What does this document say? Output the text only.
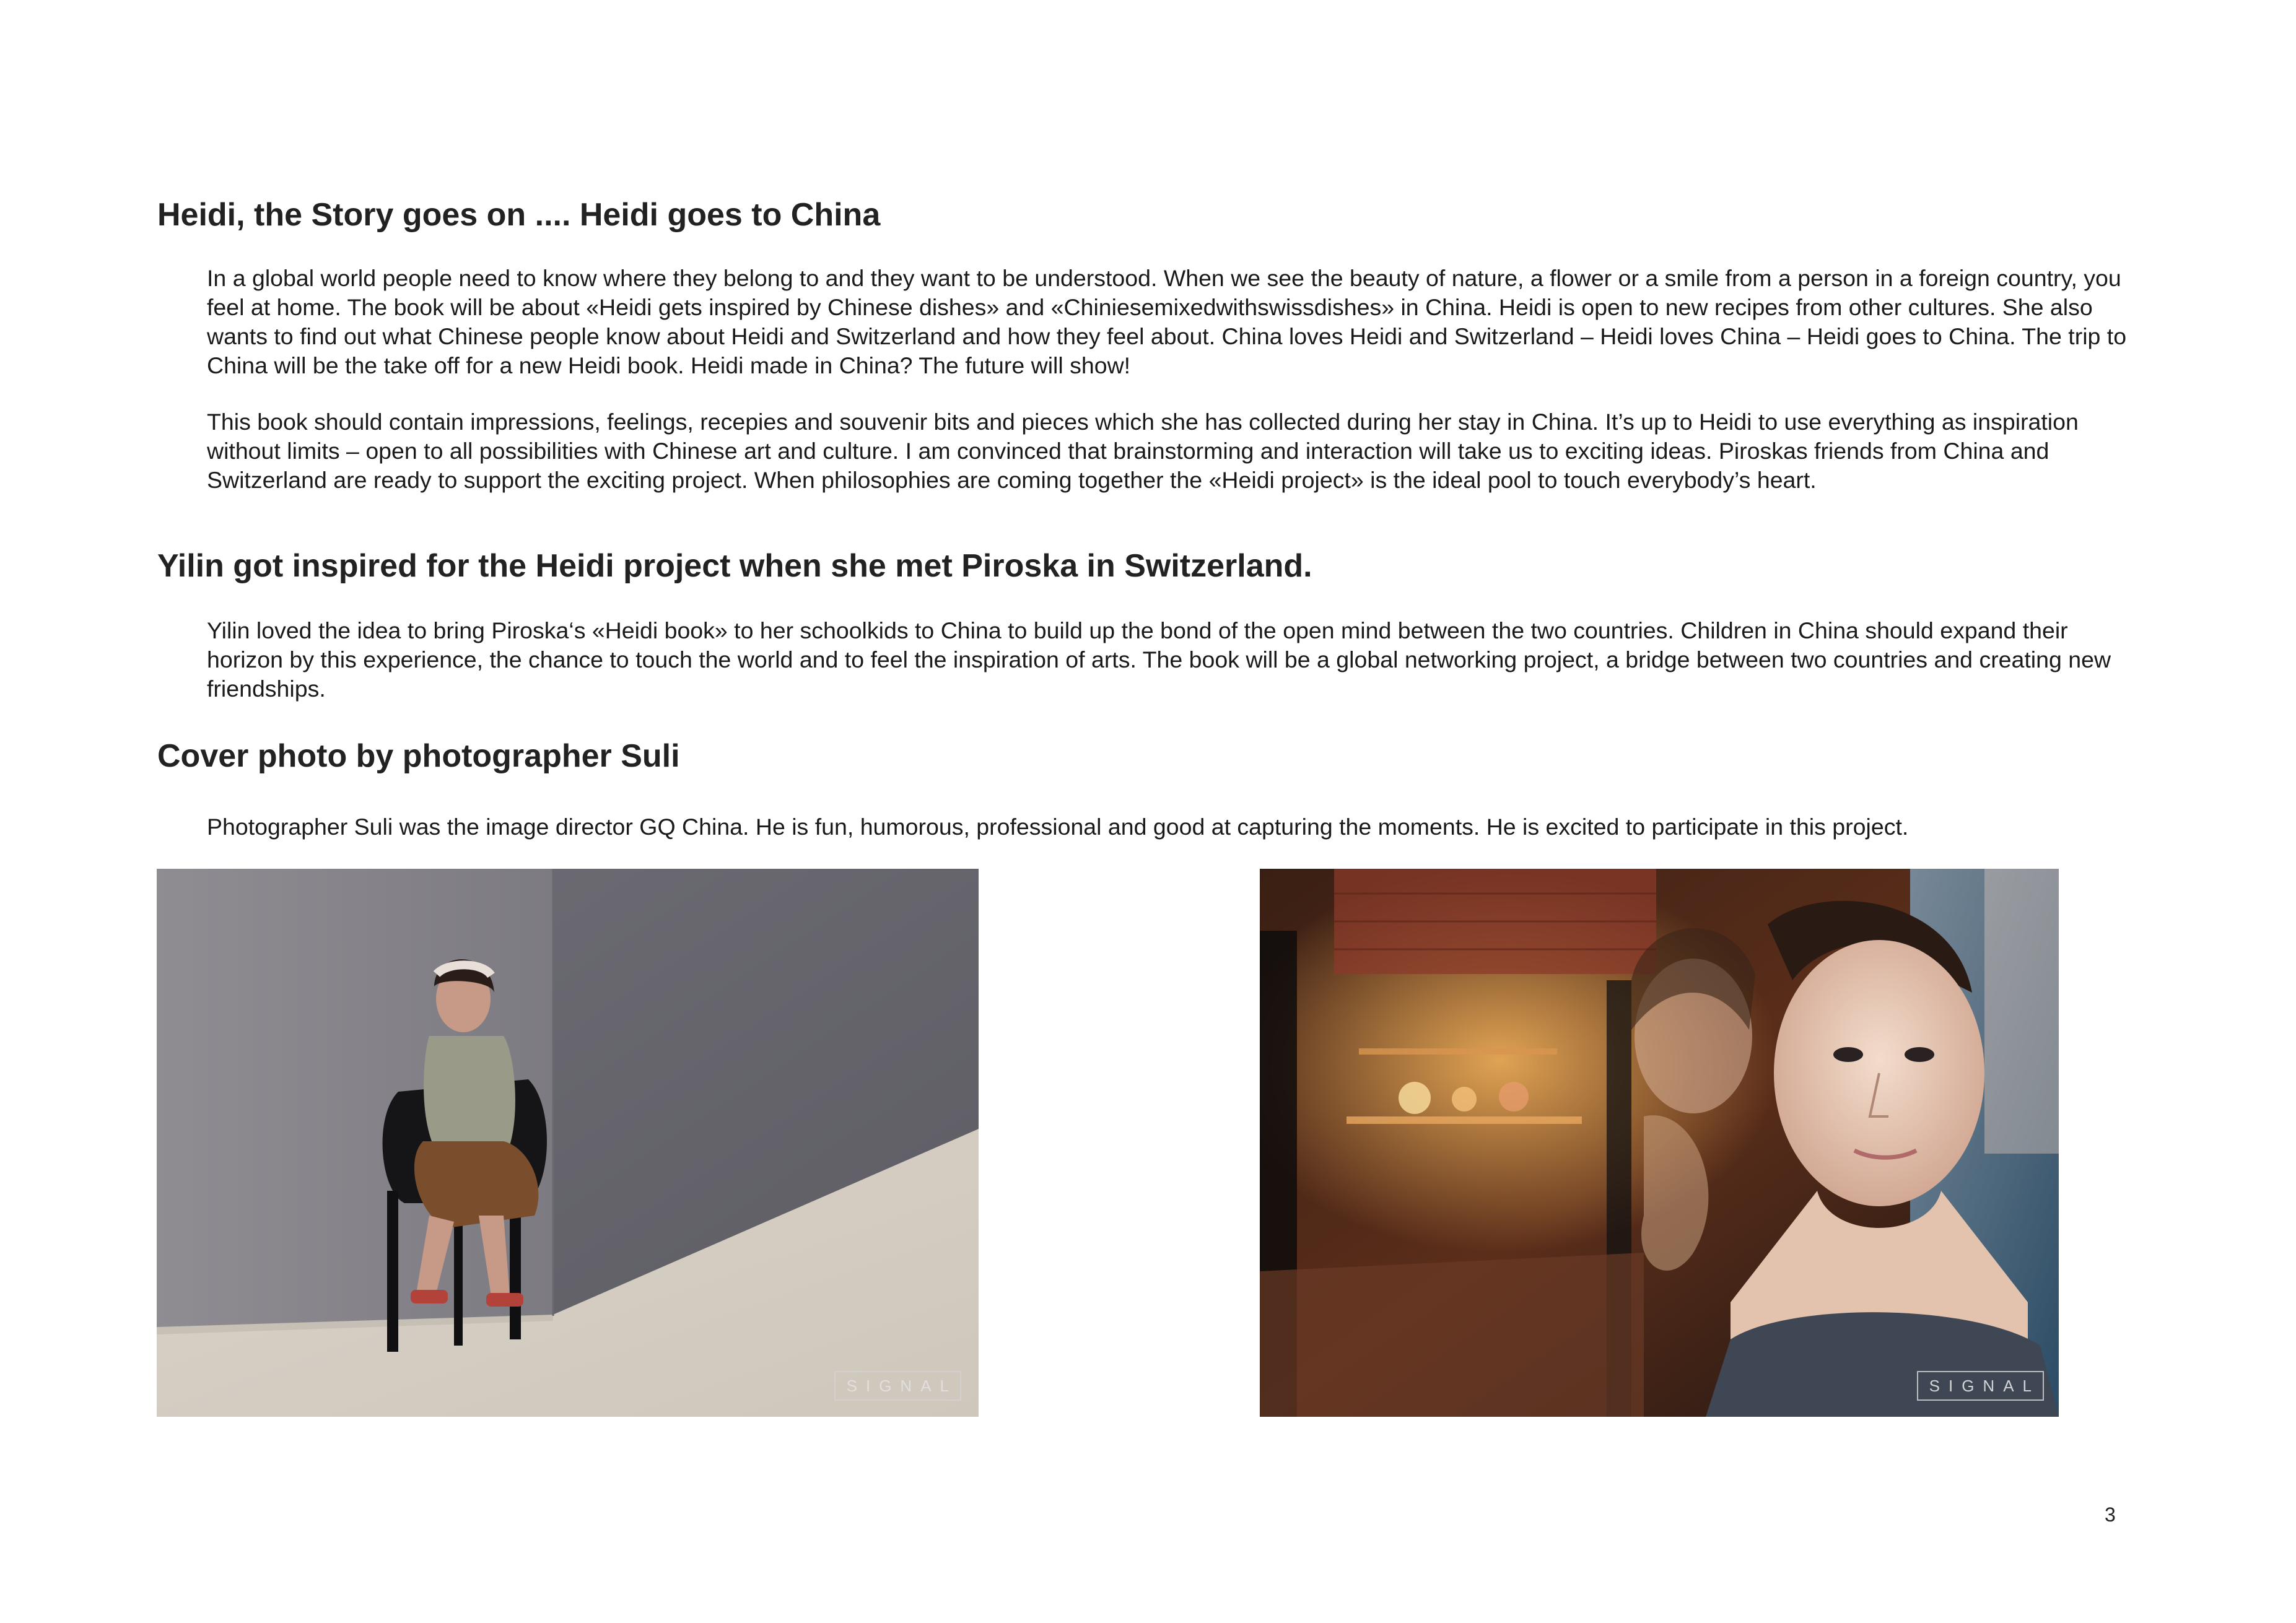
Heidi, the Story goes on .... Heidi goes to China

In a global world people need to know where they belong to and they want to be understood. When we see the beauty of nature, a flower or a smile from a person in a foreign country, you feel at home. The book will be about «Heidi gets inspired by Chinese dishes» and «Chiniesemixedwithswissdishes» in China. Heidi is open to new recipes from other cultures. She also wants to find out what Chinese people know about Heidi and Switzerland and how they feel about. China loves Heidi and Switzerland – Heidi loves China – Heidi goes to China. The trip to China will be the take off for a new Heidi book. Heidi made in China? The future will show!

This book should contain impressions, feelings, recepies and souvenir bits and pieces which she has collected during her stay in China. It’s up to Heidi to use everything as inspiration without limits – open to all possibilities with Chinese art and culture. I am convinced that brainstorming and interaction will take us to exciting ideas. Piroskas friends from China and Switzerland are ready to support the exciting project. When philosophies are coming together the «Heidi project» is the ideal pool to touch everybody’s heart.

Yilin got inspired for the Heidi project when she met Piroska in Switzerland.

Yilin loved the idea to bring Piroska‘s «Heidi book» to her schoolkids to China to build up the bond of the open mind between the two countries. Children in China should expand their horizon by this experience, the chance to touch the world and to feel the inspiration of arts. The book will be a global networking project, a bridge between two countries and creating new friendships.

Cover photo by photographer Suli

Photographer Suli was the image director GQ China. He is fun, humorous, professional and good at capturing the moments. He is excited to participate in this project.

SIGNAL	SIGNAL
3
